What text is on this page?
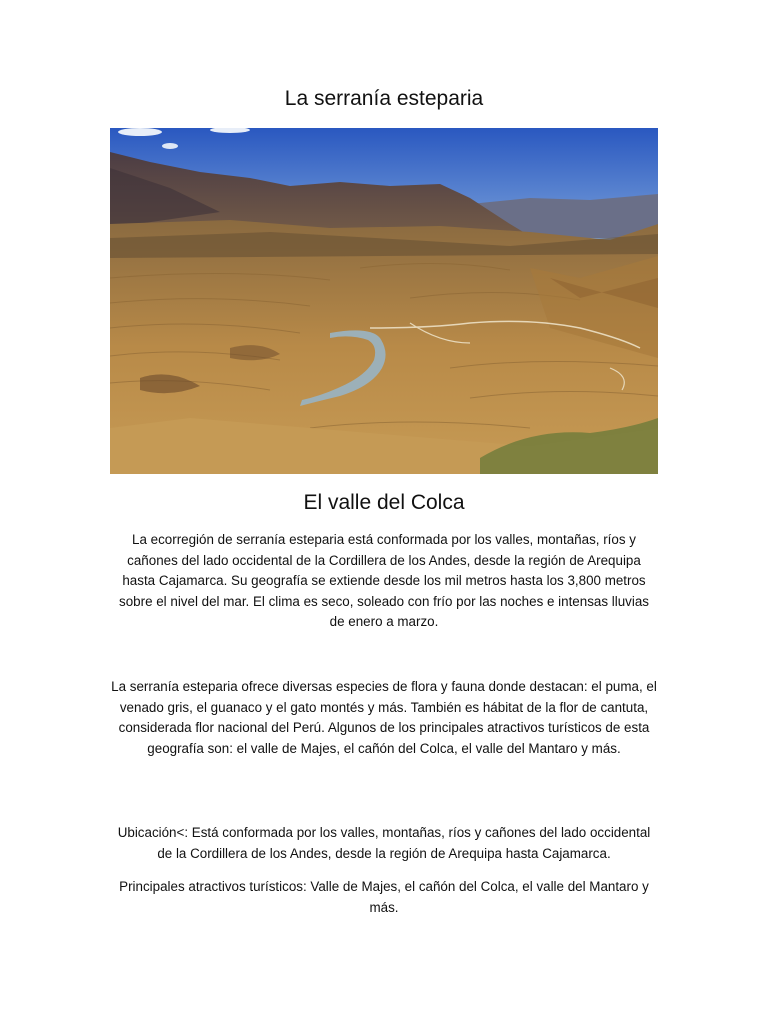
La serranía esteparia
El valle del Colca

La ecorregión de serranía esteparia está conformada por los valles, montañas, ríos y cañones del lado occidental de la Cordillera de los Andes, desde la región de Arequipa hasta Cajamarca. Su geografía se extiende desde los mil metros hasta los 3,800 metros sobre el nivel del mar. El clima es seco, soleado con frío por las noches e intensas lluvias de enero a marzo.

La serranía esteparia ofrece diversas especies de flora y fauna donde destacan: el puma, el venado gris, el guanaco y el gato montés y más. También es hábitat de la flor de cantuta, considerada flor nacional del Perú. Algunos de los principales atractivos turísticos de esta geografía son: el valle de Majes, el cañón del Colca, el valle del Mantaro y más.

Ubicación<: Está conformada por los valles, montañas, ríos y cañones del lado occidental de la Cordillera de los Andes, desde la región de Arequipa hasta Cajamarca.

Principales atractivos turísticos: Valle de Majes, el cañón del Colca, el valle del Mantaro y más.
